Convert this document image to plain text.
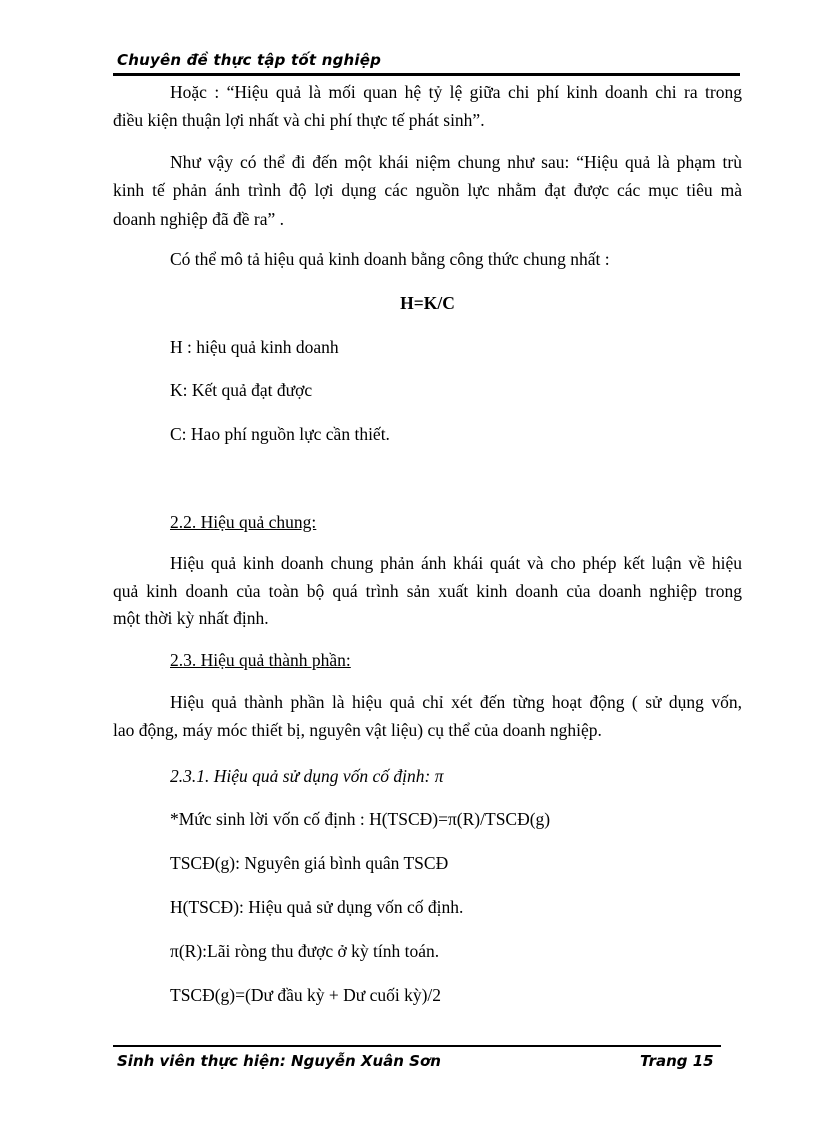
Chuyên đề thực tập tốt nghiệp
Hoặc : “Hiệu quả là mối quan hệ tỷ lệ giữa chi phí kinh doanh chi ra trong
điều kiện thuận lợi nhất và chi phí thực tế phát sinh”.
Như vậy có thể đi đến một khái niệm chung như sau: “Hiệu quả là phạm trù
kinh tế phản ánh trình độ lợi dụng các nguồn lực nhằm đạt được các mục tiêu mà
doanh nghiệp đã đề ra” .
Có thể mô tả hiệu quả kinh doanh bằng công thức chung nhất :
H=K/C
H : hiệu quả kinh doanh
K: Kết quả đạt được
C: Hao phí nguồn lực cần thiết.
2.2. Hiệu quả chung:
Hiệu quả kinh doanh chung phản ánh khái quát và cho phép kết luận về hiệu
quả kinh doanh của toàn bộ quá trình sản xuất kinh doanh của doanh nghiệp trong
một thời kỳ nhất định.
2.3. Hiệu quả thành phần:
Hiệu quả thành phần là hiệu quả chỉ xét đến từng hoạt động ( sử dụng vốn,
lao động, máy móc thiết bị, nguyên vật liệu) cụ thể của doanh nghiệp.
2.3.1. Hiệu quả sử dụng vốn cố định: π
*Mức sinh lời vốn cố định : H(TSCĐ)=π(R)/TSCĐ(g)
TSCĐ(g): Nguyên giá bình quân TSCĐ
H(TSCĐ): Hiệu quả sử dụng vốn cố định.
π(R):Lãi ròng thu được ở kỳ tính toán.
TSCĐ(g)=(Dư đầu kỳ + Dư cuối kỳ)/2
Sinh viên thực hiện: Nguyễn Xuân Sơn	Trang 15
